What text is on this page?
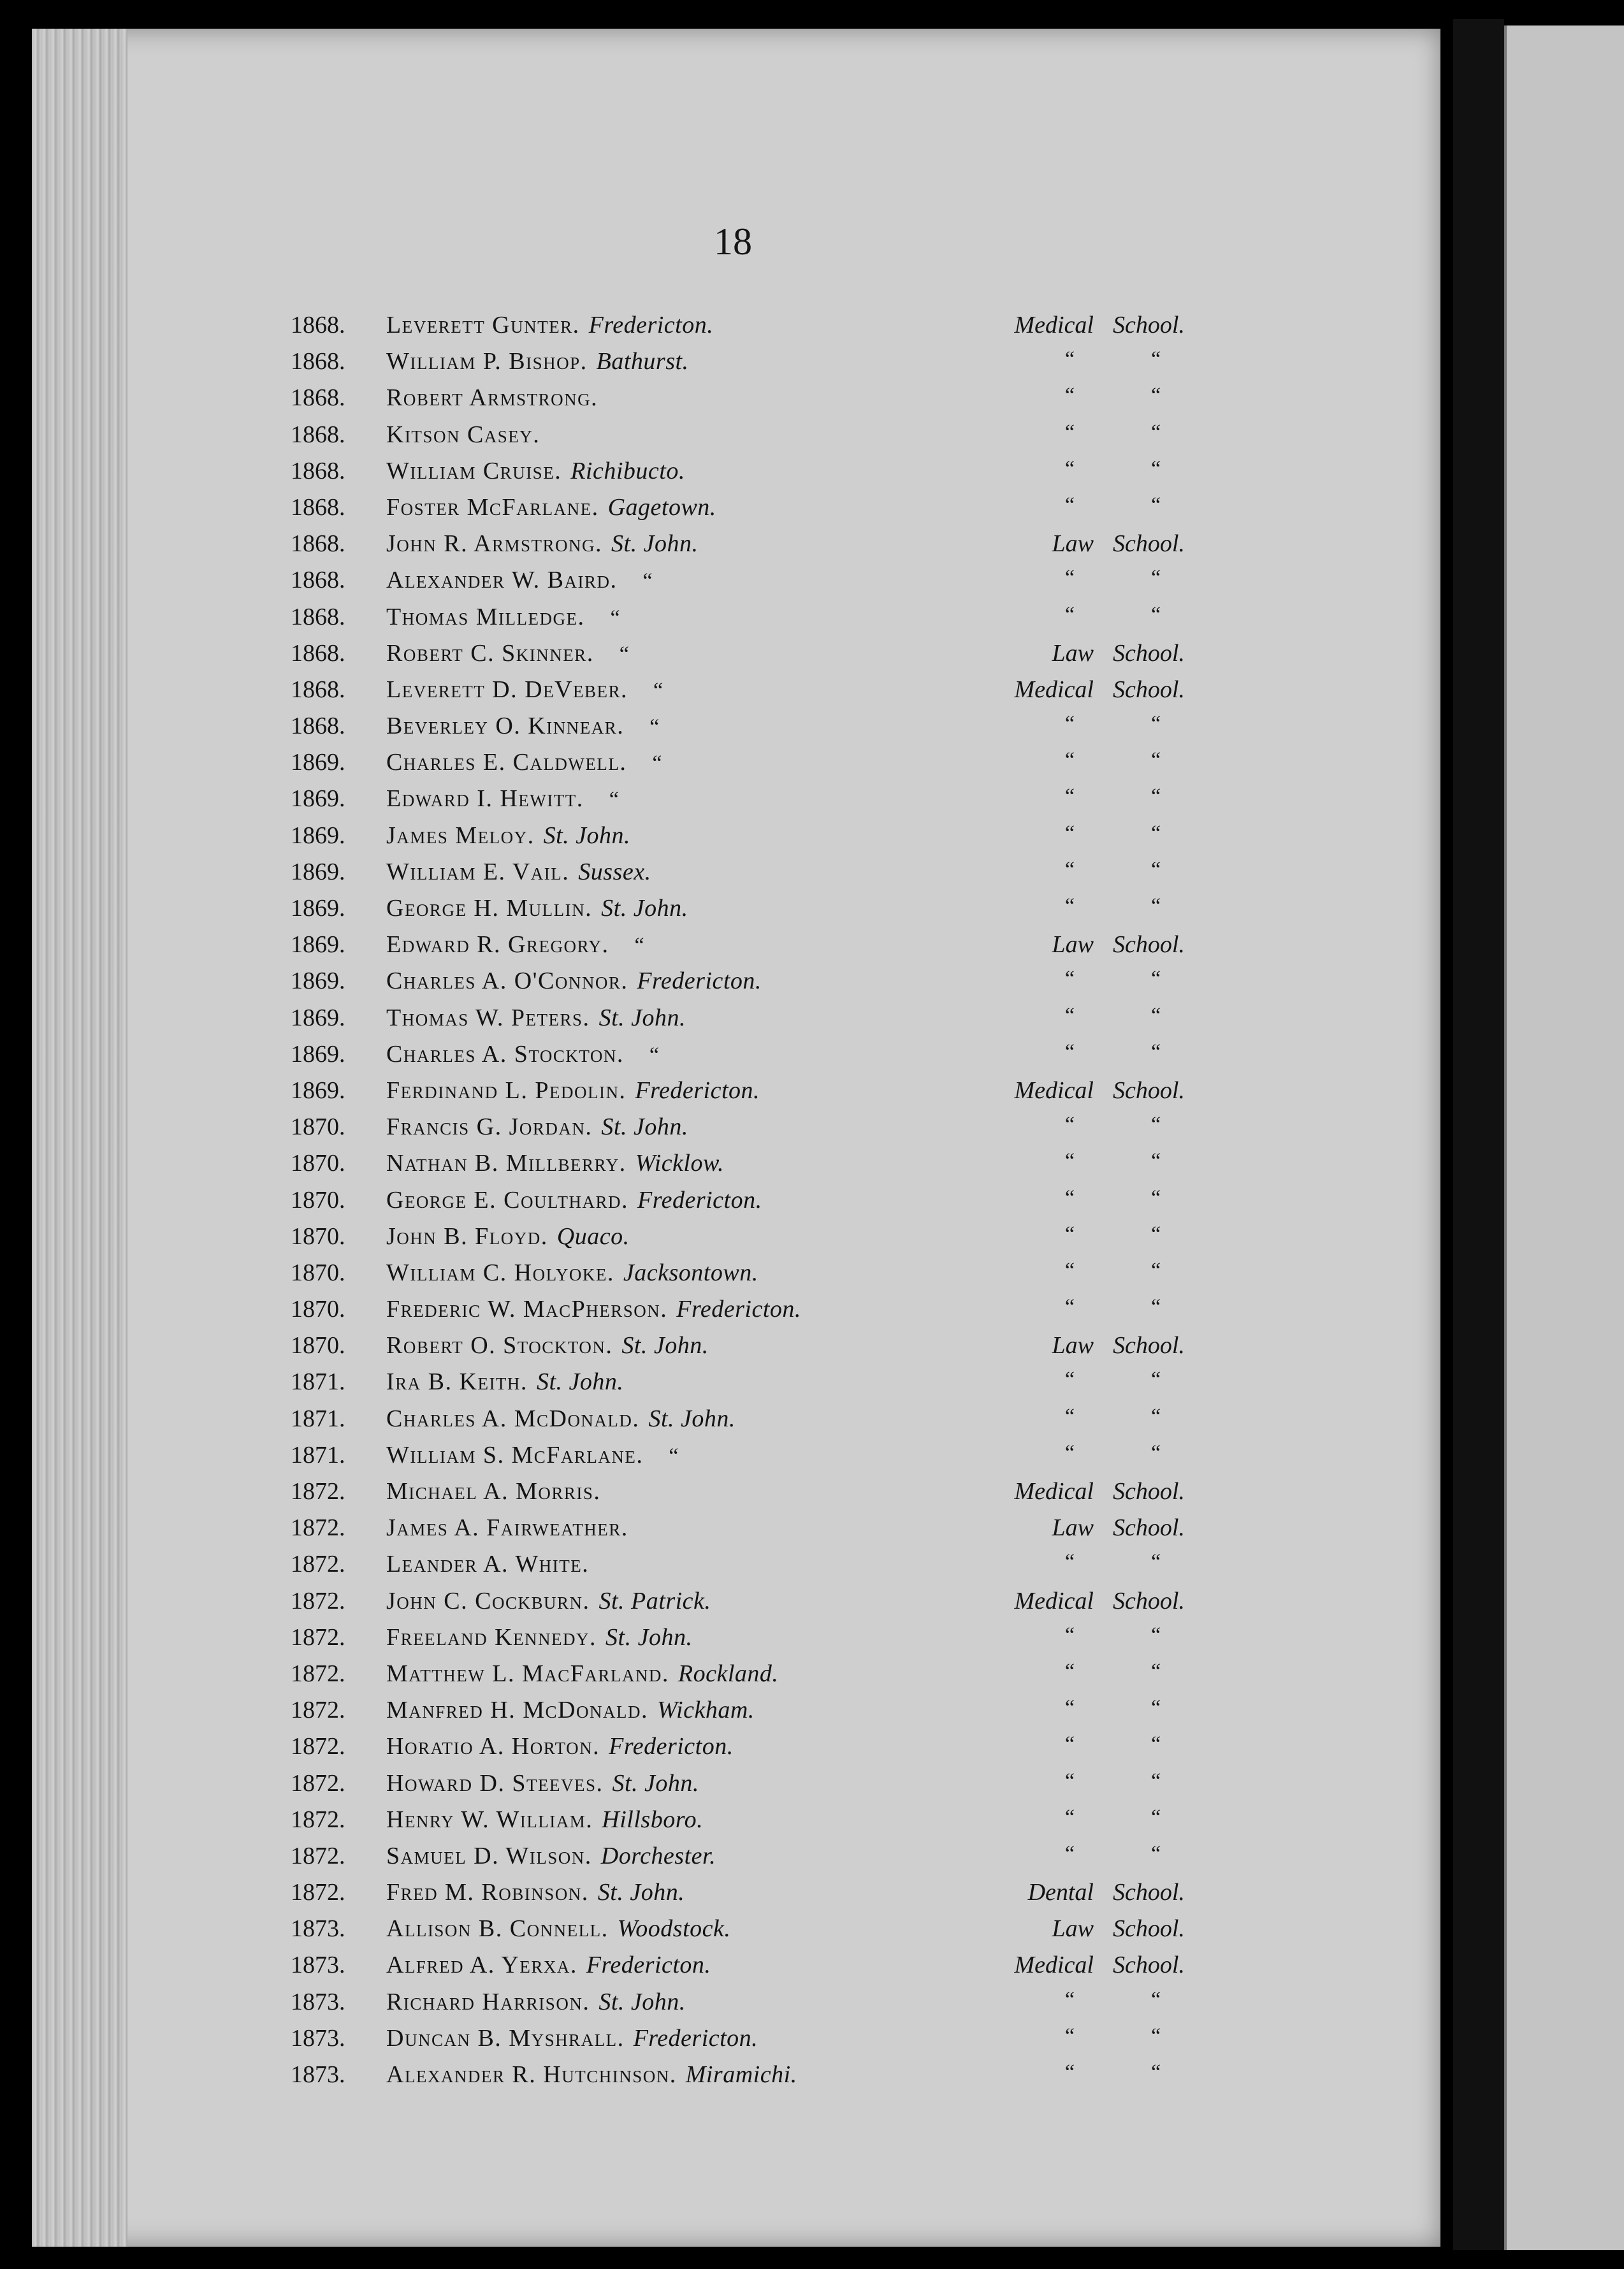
18
1868. Leverett Gunter. Fredericton.	Medical School.
1868. William P. Bishop. Bathurst.	“	“
1868. Robert Armstrong.	“	“
1868. Kitson Casey.	“	“
1868. William Cruise. Richibucto.	“	“
1868. Foster McFarlane. Gagetown.	“	“
1868. John R. Armstrong. St. John.	Law School.
1868. Alexander W. Baird. “	“	“
1868. Thomas Milledge. “	“	“
1868. Robert C. Skinner. “	Law School.
1868. Leverett D. DeVeber. “	Medical School.
1868. Beverley O. Kinnear. “	“	“
1869. Charles E. Caldwell. “	“	“
1869. Edward I. Hewitt. “	“	“
1869. James Meloy. St. John.	“	“
1869. William E. Vail. Sussex.	“	“
1869. George H. Mullin. St. John.	“	“
1869. Edward R. Gregory. “	Law School.
1869. Charles A. O'Connor. Fredericton.	“	“
1869. Thomas W. Peters. St. John.	“	“
1869. Charles A. Stockton. “	“	“
1869. Ferdinand L. Pedolin. Fredericton.	Medical School.
1870. Francis G. Jordan. St. John.	“	“
1870. Nathan B. Millberry. Wicklow.	“	“
1870. George E. Coulthard. Fredericton.	“	“
1870. John B. Floyd. Quaco.	“	“
1870. William C. Holyoke. Jacksontown.	“	“
1870. Frederic W. MacPherson. Fredericton.	“	“
1870. Robert O. Stockton. St. John.	Law School.
1871. Ira B. Keith. St. John.	“	“
1871. Charles A. McDonald. St. John.	“	“
1871. William S. McFarlane. “	“	“
1872. Michael A. Morris.	Medical School.
1872. James A. Fairweather.	Law School.
1872. Leander A. White.	“	“
1872. John C. Cockburn. St. Patrick.	Medical School.
1872. Freeland Kennedy. St. John.	“	“
1872. Matthew L. MacFarland. Rockland.	“	“
1872. Manfred H. McDonald. Wickham.	“	“
1872. Horatio A. Horton. Fredericton.	“	“
1872. Howard D. Steeves. St. John.	“	“
1872. Henry W. William. Hillsboro.	“	“
1872. Samuel D. Wilson. Dorchester.	“	“
1872. Fred M. Robinson. St. John.	Dental School.
1873. Allison B. Connell. Woodstock.	Law School.
1873. Alfred A. Yerxa. Fredericton.	Medical School.
1873. Richard Harrison. St. John.	“	“
1873. Duncan B. Myshrall. Fredericton.	“	“
1873. Alexander R. Hutchinson. Miramichi.	“	“
